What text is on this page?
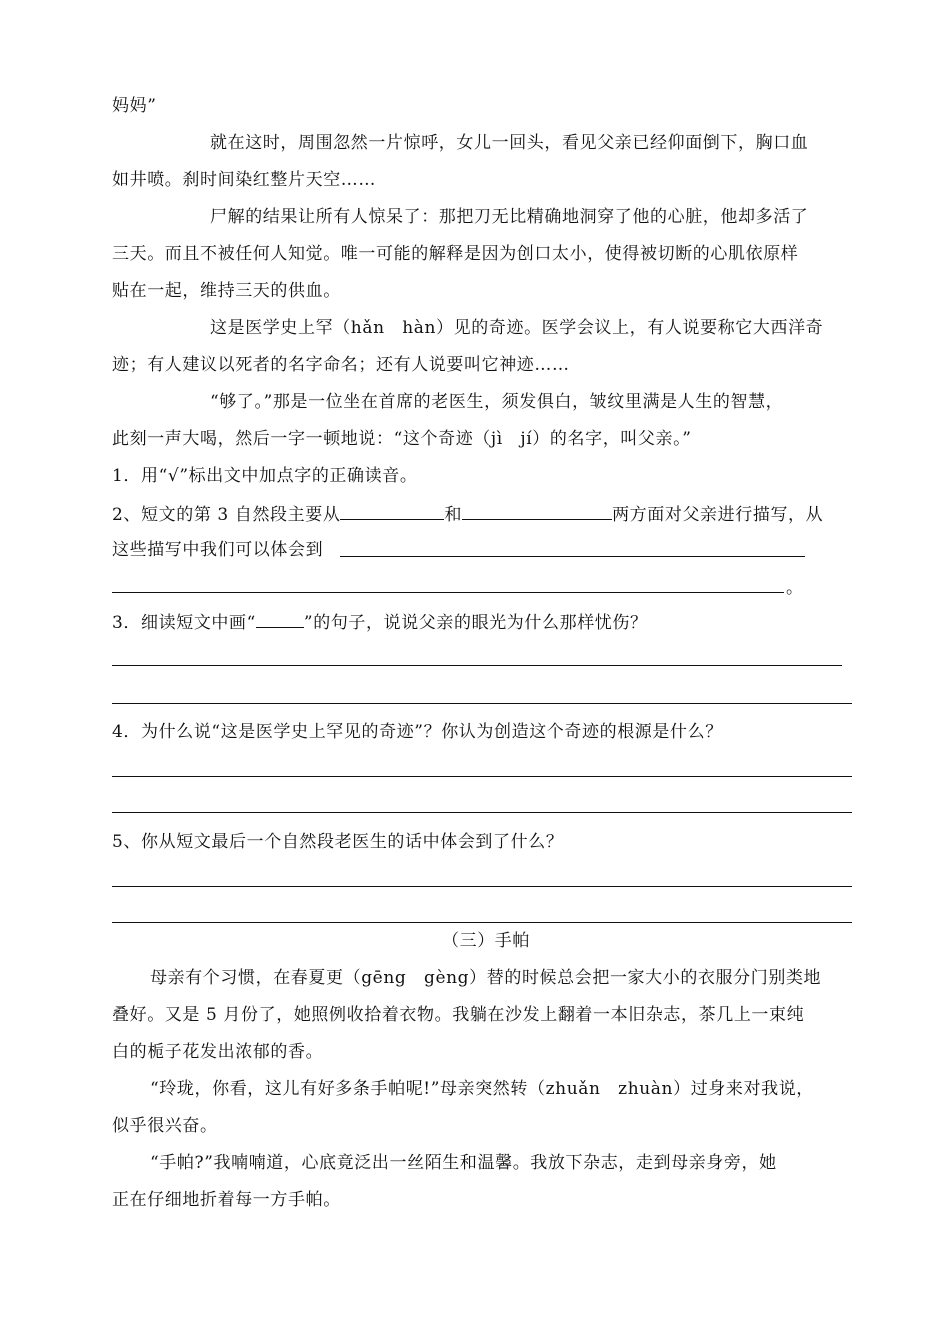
妈妈”
就在这时，周围忽然一片惊呼，女儿一回头，看见父亲已经仰面倒下，胸口血
如井喷。刹时间染红整片天空……
尸解的结果让所有人惊呆了：那把刀无比精确地洞穿了他的心脏，他却多活了
三天。而且不被任何人知觉。唯一可能的解释是因为创口太小，使得被切断的心肌依原样
贴在一起，维持三天的供血。
这是医学史上罕（hǎn　hàn）见的奇迹。医学会议上，有人说要称它大西洋奇
迹；有人建议以死者的名字命名；还有人说要叫它神迹……
“够了。”那是一位坐在首席的老医生，须发俱白，皱纹里满是人生的智慧，
此刻一声大喝，然后一字一顿地说：“这个奇迹（jì　jí）的名字，叫父亲。”
1．用“√”标出文中加点字的正确读音。
2、短文的第 3 自然段主要从	和	两方面对父亲进行描写，从
这些描写中我们可以体会到
。
3．细读短文中画“	”的句子，说说父亲的眼光为什么那样忧伤？
4．为什么说“这是医学史上罕见的奇迹”？你认为创造这个奇迹的根源是什么？
5、你从短文最后一个自然段老医生的话中体会到了什么？
（三）手帕
母亲有个习惯，在春夏更（gēng　gèng）替的时候总会把一家大小的衣服分门别类地
叠好。又是 5 月份了，她照例收拾着衣物。我躺在沙发上翻着一本旧杂志，茶几上一束纯
白的栀子花发出浓郁的香。
“玲珑，你看，这儿有好多条手帕呢!”母亲突然转（zhuǎn　zhuàn）过身来对我说，
似乎很兴奋。
“手帕?”我喃喃道，心底竟泛出一丝陌生和温馨。我放下杂志，走到母亲身旁，她
正在仔细地折着每一方手帕。
